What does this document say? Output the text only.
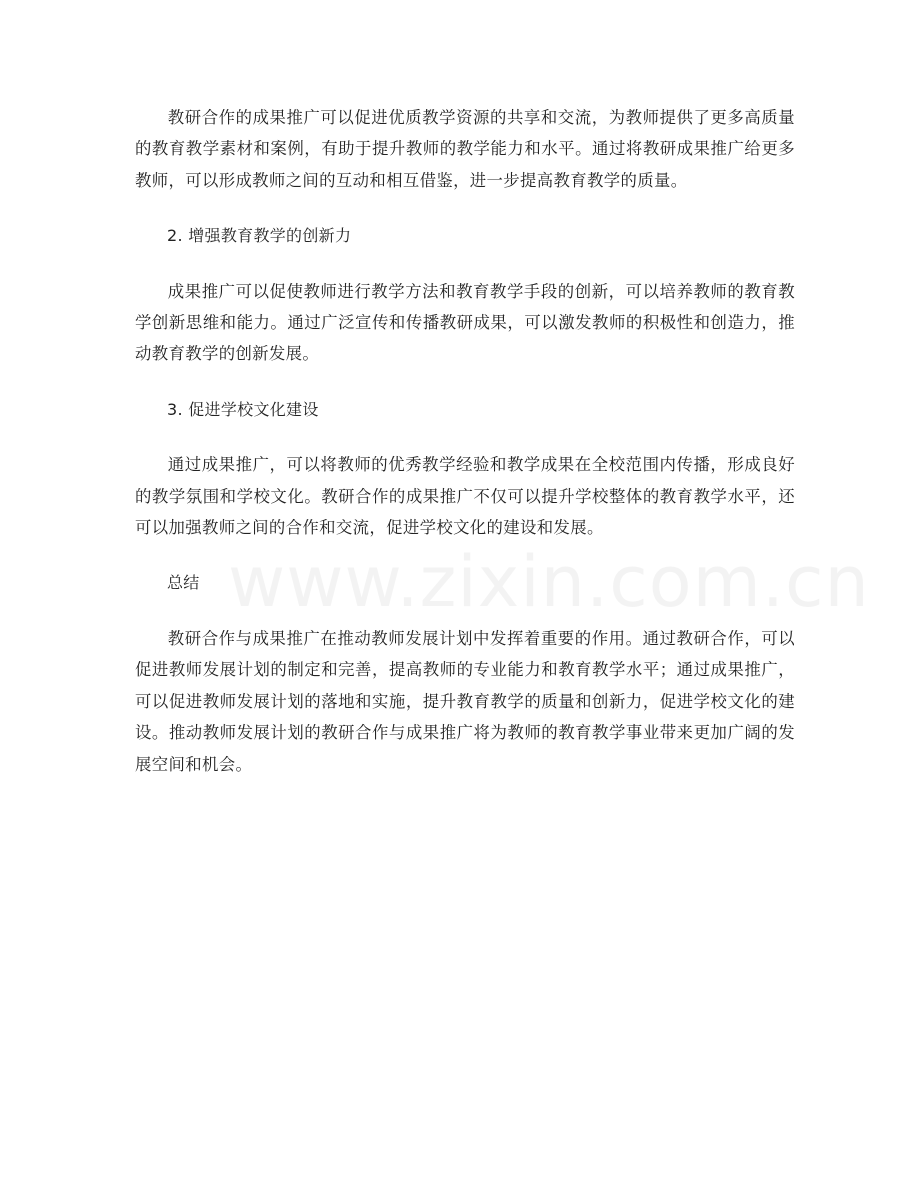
教研合作的成果推广可以促进优质教学资源的共享和交流，为教师提供了更多高质量的教育教学素材和案例，有助于提升教师的教学能力和水平。通过将教研成果推广给更多教师，可以形成教师之间的互动和相互借鉴，进一步提高教育教学的质量。

2. 增强教育教学的创新力

成果推广可以促使教师进行教学方法和教育教学手段的创新，可以培养教师的教育教学创新思维和能力。通过广泛宣传和传播教研成果，可以激发教师的积极性和创造力，推动教育教学的创新发展。

3. 促进学校文化建设

通过成果推广，可以将教师的优秀教学经验和教学成果在全校范围内传播，形成良好的教学氛围和学校文化。教研合作的成果推广不仅可以提升学校整体的教育教学水平，还可以加强教师之间的合作和交流，促进学校文化的建设和发展。

总结

教研合作与成果推广在推动教师发展计划中发挥着重要的作用。通过教研合作，可以促进教师发展计划的制定和完善，提高教师的专业能力和教育教学水平；通过成果推广，可以促进教师发展计划的落地和实施，提升教育教学的质量和创新力，促进学校文化的建设。推动教师发展计划的教研合作与成果推广将为教师的教育教学事业带来更加广阔的发展空间和机会。

www.zixin.com.cn
